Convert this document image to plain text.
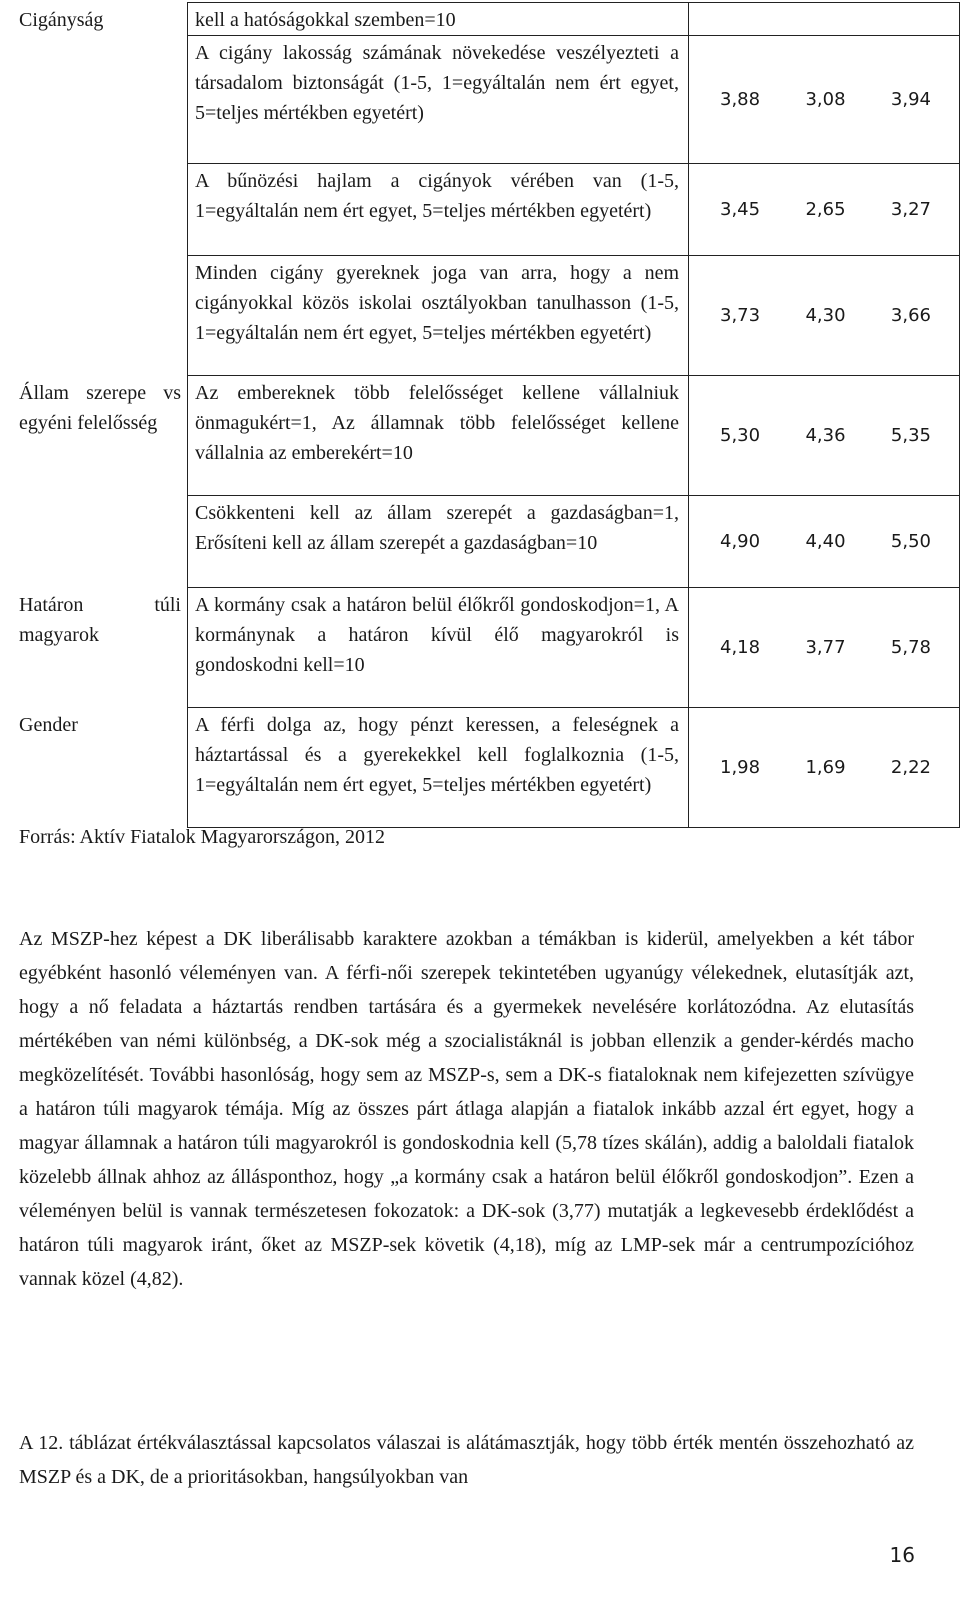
Cigányság	kell a hatóságokkal szemben=10	

	A cigány lakosság számának növekedése veszélyezteti a társadalom biztonságát (1-5, 1=egyáltalán nem ért egyet, 5=teljes mértékben egyetért)	3,88 3,08 3,94

	A bűnözési hajlam a cigányok vérében van (1-5, 1=egyáltalán nem ért egyet, 5=teljes mértékben egyetért)	3,45 2,65 3,27

	Minden cigány gyereknek joga van arra, hogy a nem cigányokkal közös iskolai osztályokban tanulhasson (1-5, 1=egyáltalán nem ért egyet, 5=teljes mértékben egyetért)	3,73 4,30 3,66

Állam szerepe vs egyéni felelősség	Az embereknek több felelősséget kellene vállalniuk önmagukért=1, Az államnak több felelősséget kellene vállalnia az emberekért=10	5,30 4,36 5,35

	Csökkenteni kell az állam szerepét a gazdaságban=1, Erősíteni kell az állam szerepét a gazdaságban=10	4,90 4,40 5,50

Határon túli magyarok	A kormány csak a határon belül élőkről gondoskodjon=1, A kormánynak a határon kívül élő magyarokról is gondoskodni kell=10	4,18 3,77 5,78

Gender	A férfi dolga az, hogy pénzt keressen, a feleségnek a háztartással és a gyerekekkel kell foglalkoznia (1-5, 1=egyáltalán nem ért egyet, 5=teljes mértékben egyetért)	1,98 1,69 2,22
Forrás: Aktív Fiatalok Magyarországon, 2012

Az MSZP-hez képest a DK liberálisabb karaktere azokban a témákban is kiderül, amelyekben a két tábor egyébként hasonló véleményen van. A férfi-női szerepek tekintetében ugyanúgy vélekednek, elutasítják azt, hogy a nő feladata a háztartás rendben tartására és a gyermekek nevelésére korlátozódna. Az elutasítás mértékében van némi különbség, a DK-sok még a szocialistáknál is jobban ellenzik a gender-kérdés macho megközelítését. További hasonlóság, hogy sem az MSZP-s, sem a DK-s fiataloknak nem kifejezetten szívügye a határon túli magyarok témája. Míg az összes párt átlaga alapján a fiatalok inkább azzal ért egyet, hogy a magyar államnak a határon túli magyarokról is gondoskodnia kell (5,78 tízes skálán), addig a baloldali fiatalok közelebb állnak ahhoz az állásponthoz, hogy „a kormány csak a határon belül élőkről gondoskodjon”. Ezen a véleményen belül is vannak természetesen fokozatok: a DK-sok (3,77) mutatják a legkevesebb érdeklődést a határon túli magyarok iránt, őket az MSZP-sek követik (4,18), míg az LMP-sek már a centrumpozícióhoz vannak közel (4,82).

A 12. táblázat értékválasztással kapcsolatos válaszai is alátámasztják, hogy több érték mentén összehozható az MSZP és a DK, de a prioritásokban, hangsúlyokban van

16
